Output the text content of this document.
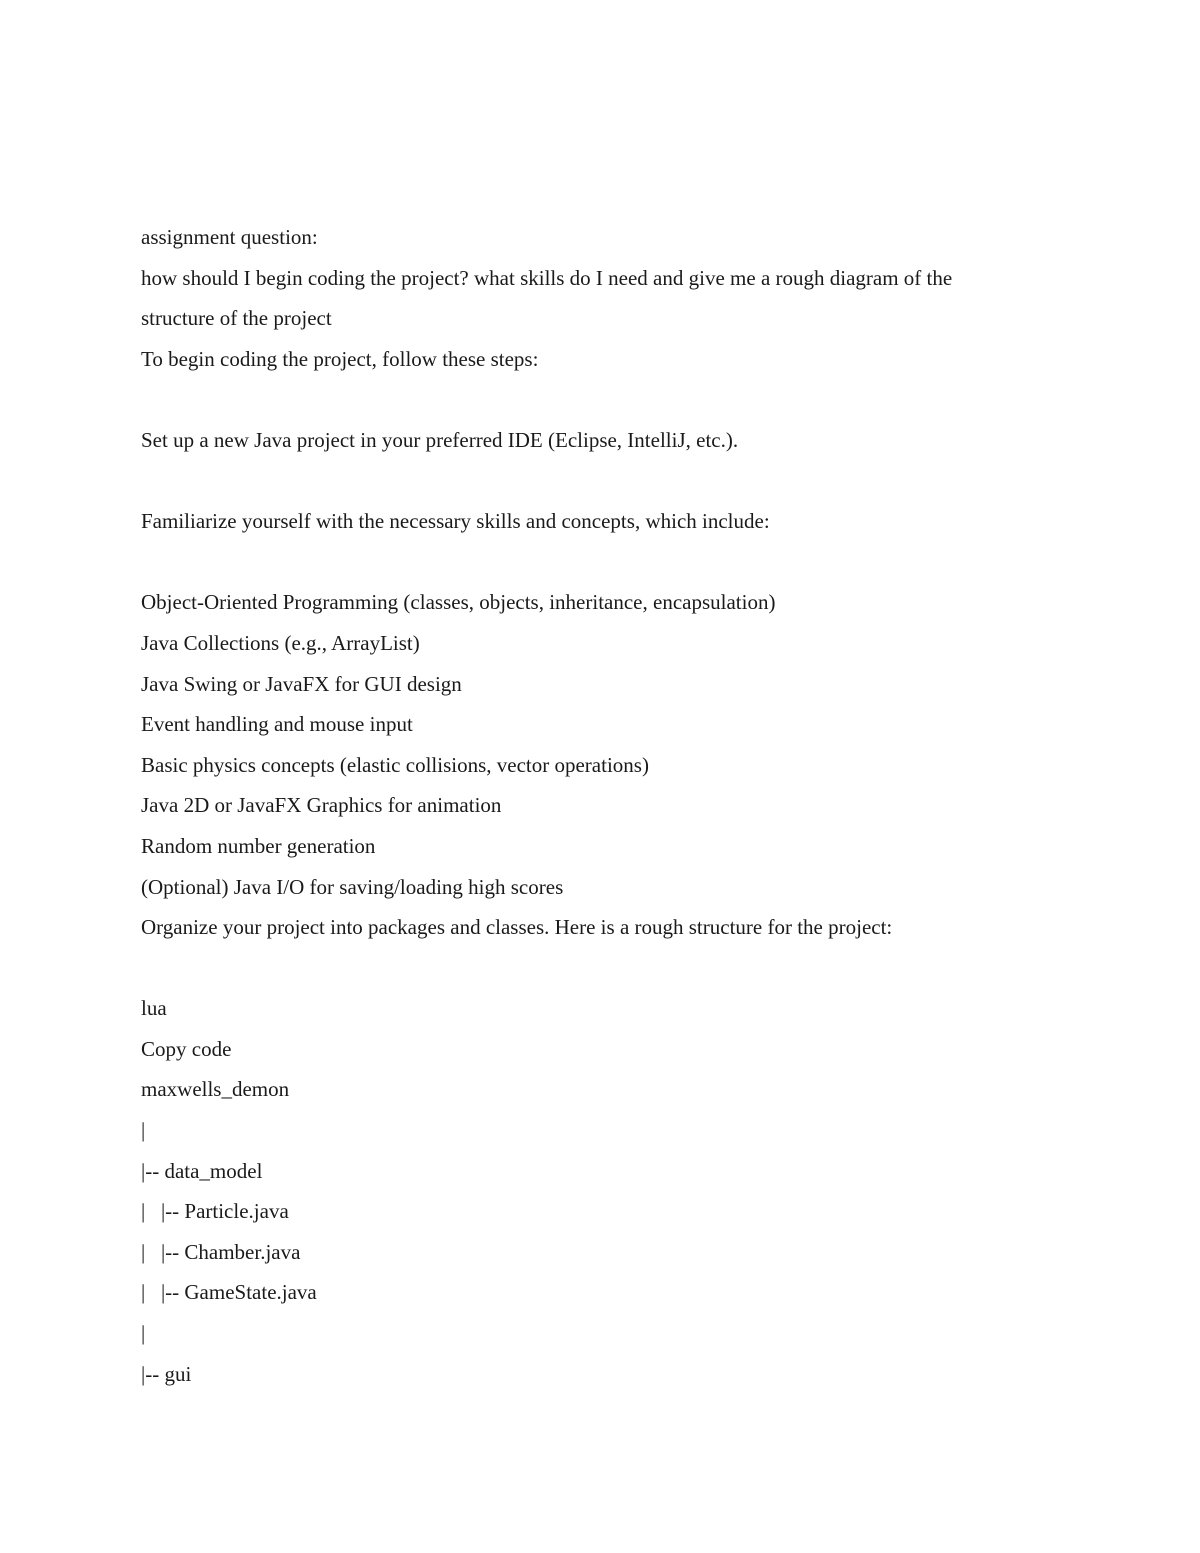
assignment question:
how should I begin coding the project? what skills do I need and give me a rough diagram of the
structure of the project
To begin coding the project, follow these steps:
Set up a new Java project in your preferred IDE (Eclipse, IntelliJ, etc.).
Familiarize yourself with the necessary skills and concepts, which include:
Object-Oriented Programming (classes, objects, inheritance, encapsulation)
Java Collections (e.g., ArrayList)
Java Swing or JavaFX for GUI design
Event handling and mouse input
Basic physics concepts (elastic collisions, vector operations)
Java 2D or JavaFX Graphics for animation
Random number generation
(Optional) Java I/O for saving/loading high scores
Organize your project into packages and classes. Here is a rough structure for the project:
lua
Copy code
maxwells_demon
|
|-- data_model
|   |-- Particle.java
|   |-- Chamber.java
|   |-- GameState.java
|
|-- gui
